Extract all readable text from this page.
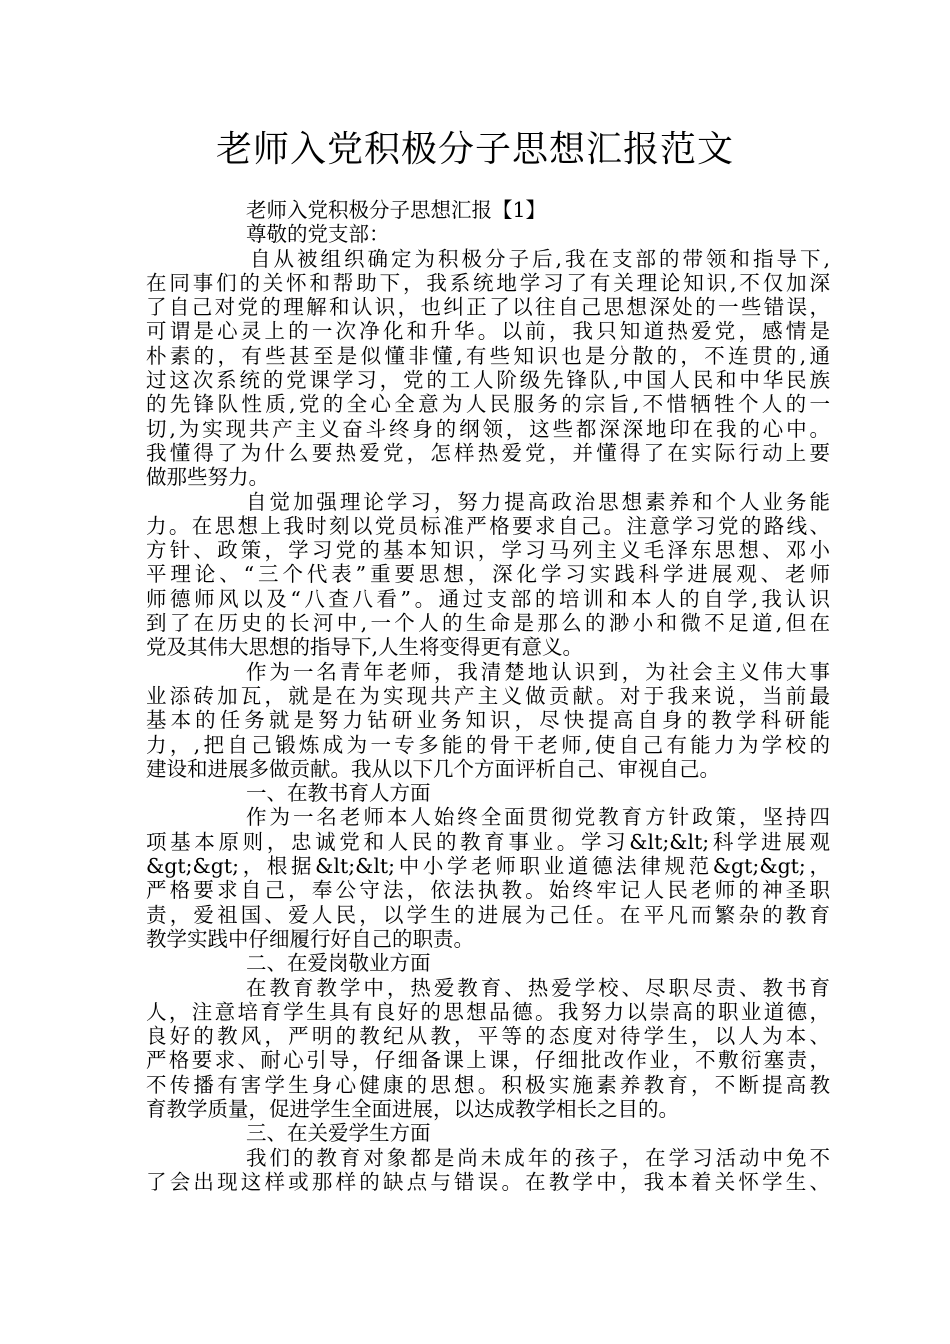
老师入党积极分子思想汇报范文
老师入党积极分子思想汇报【1】
尊敬的党支部：
自从被组织确定为积极分子后,我在支部的带领和指导下,
在同事们的关怀和帮助下，我系统地学习了有关理论知识,不仅加深
了自己对党的理解和认识，也纠正了以往自己思想深处的一些错误，
可谓是心灵上的一次净化和升华。以前，我只知道热爱党，感情是
朴素的，有些甚至是似懂非懂,有些知识也是分散的，不连贯的,通
过这次系统的党课学习，党的工人阶级先锋队,中国人民和中华民族
的先锋队性质,党的全心全意为人民服务的宗旨,不惜牺牲个人的一
切,为实现共产主义奋斗终身的纲领，这些都深深地印在我的心中。
我懂得了为什么要热爱党，怎样热爱党，并懂得了在实际行动上要
做那些努力。
自觉加强理论学习，努力提高政治思想素养和个人业务能
力。在思想上我时刻以党员标准严格要求自己。注意学习党的路线、
方针、政策，学习党的基本知识，学习马列主义毛泽东思想、邓小
平理论、“三个代表”重要思想，深化学习实践科学进展观、老师
师德师风以及“八查八看”。通过支部的培训和本人的自学,我认识
到了在历史的长河中,一个人的生命是那么的渺小和微不足道,但在
党及其伟大思想的指导下,人生将变得更有意义。
作为一名青年老师，我清楚地认识到，为社会主义伟大事
业添砖加瓦，就是在为实现共产主义做贡献。对于我来说，当前最
基本的任务就是努力钻研业务知识，尽快提高自身的教学科研能
力，,把自己锻炼成为一专多能的骨干老师,使自己有能力为学校的
建设和进展多做贡献。我从以下几个方面评析自己、审视自己。
一、在教书育人方面
作为一名老师本人始终全面贯彻党教育方针政策，坚持四
项基本原则，忠诚党和人民的教育事业。学习&lt;&lt;科学进展观
&gt;&gt;，根据&lt;&lt;中小学老师职业道德法律规范&gt;&gt;，
严格要求自己，奉公守法，依法执教。始终牢记人民老师的神圣职
责，爱祖国、爱人民，以学生的进展为己任。在平凡而繁杂的教育
教学实践中仔细履行好自己的职责。
二、在爱岗敬业方面
在教育教学中，热爱教育、热爱学校、尽职尽责、教书育
人，注意培育学生具有良好的思想品德。我努力以崇高的职业道德，
良好的教风，严明的教纪从教，平等的态度对待学生，以人为本、
严格要求、耐心引导，仔细备课上课，仔细批改作业，不敷衍塞责，
不传播有害学生身心健康的思想。积极实施素养教育，不断提高教
育教学质量，促进学生全面进展，以达成教学相长之目的。
三、在关爱学生方面
我们的教育对象都是尚未成年的孩子，在学习活动中免不
了会出现这样或那样的缺点与错误。在教学中，我本着关怀学生、
